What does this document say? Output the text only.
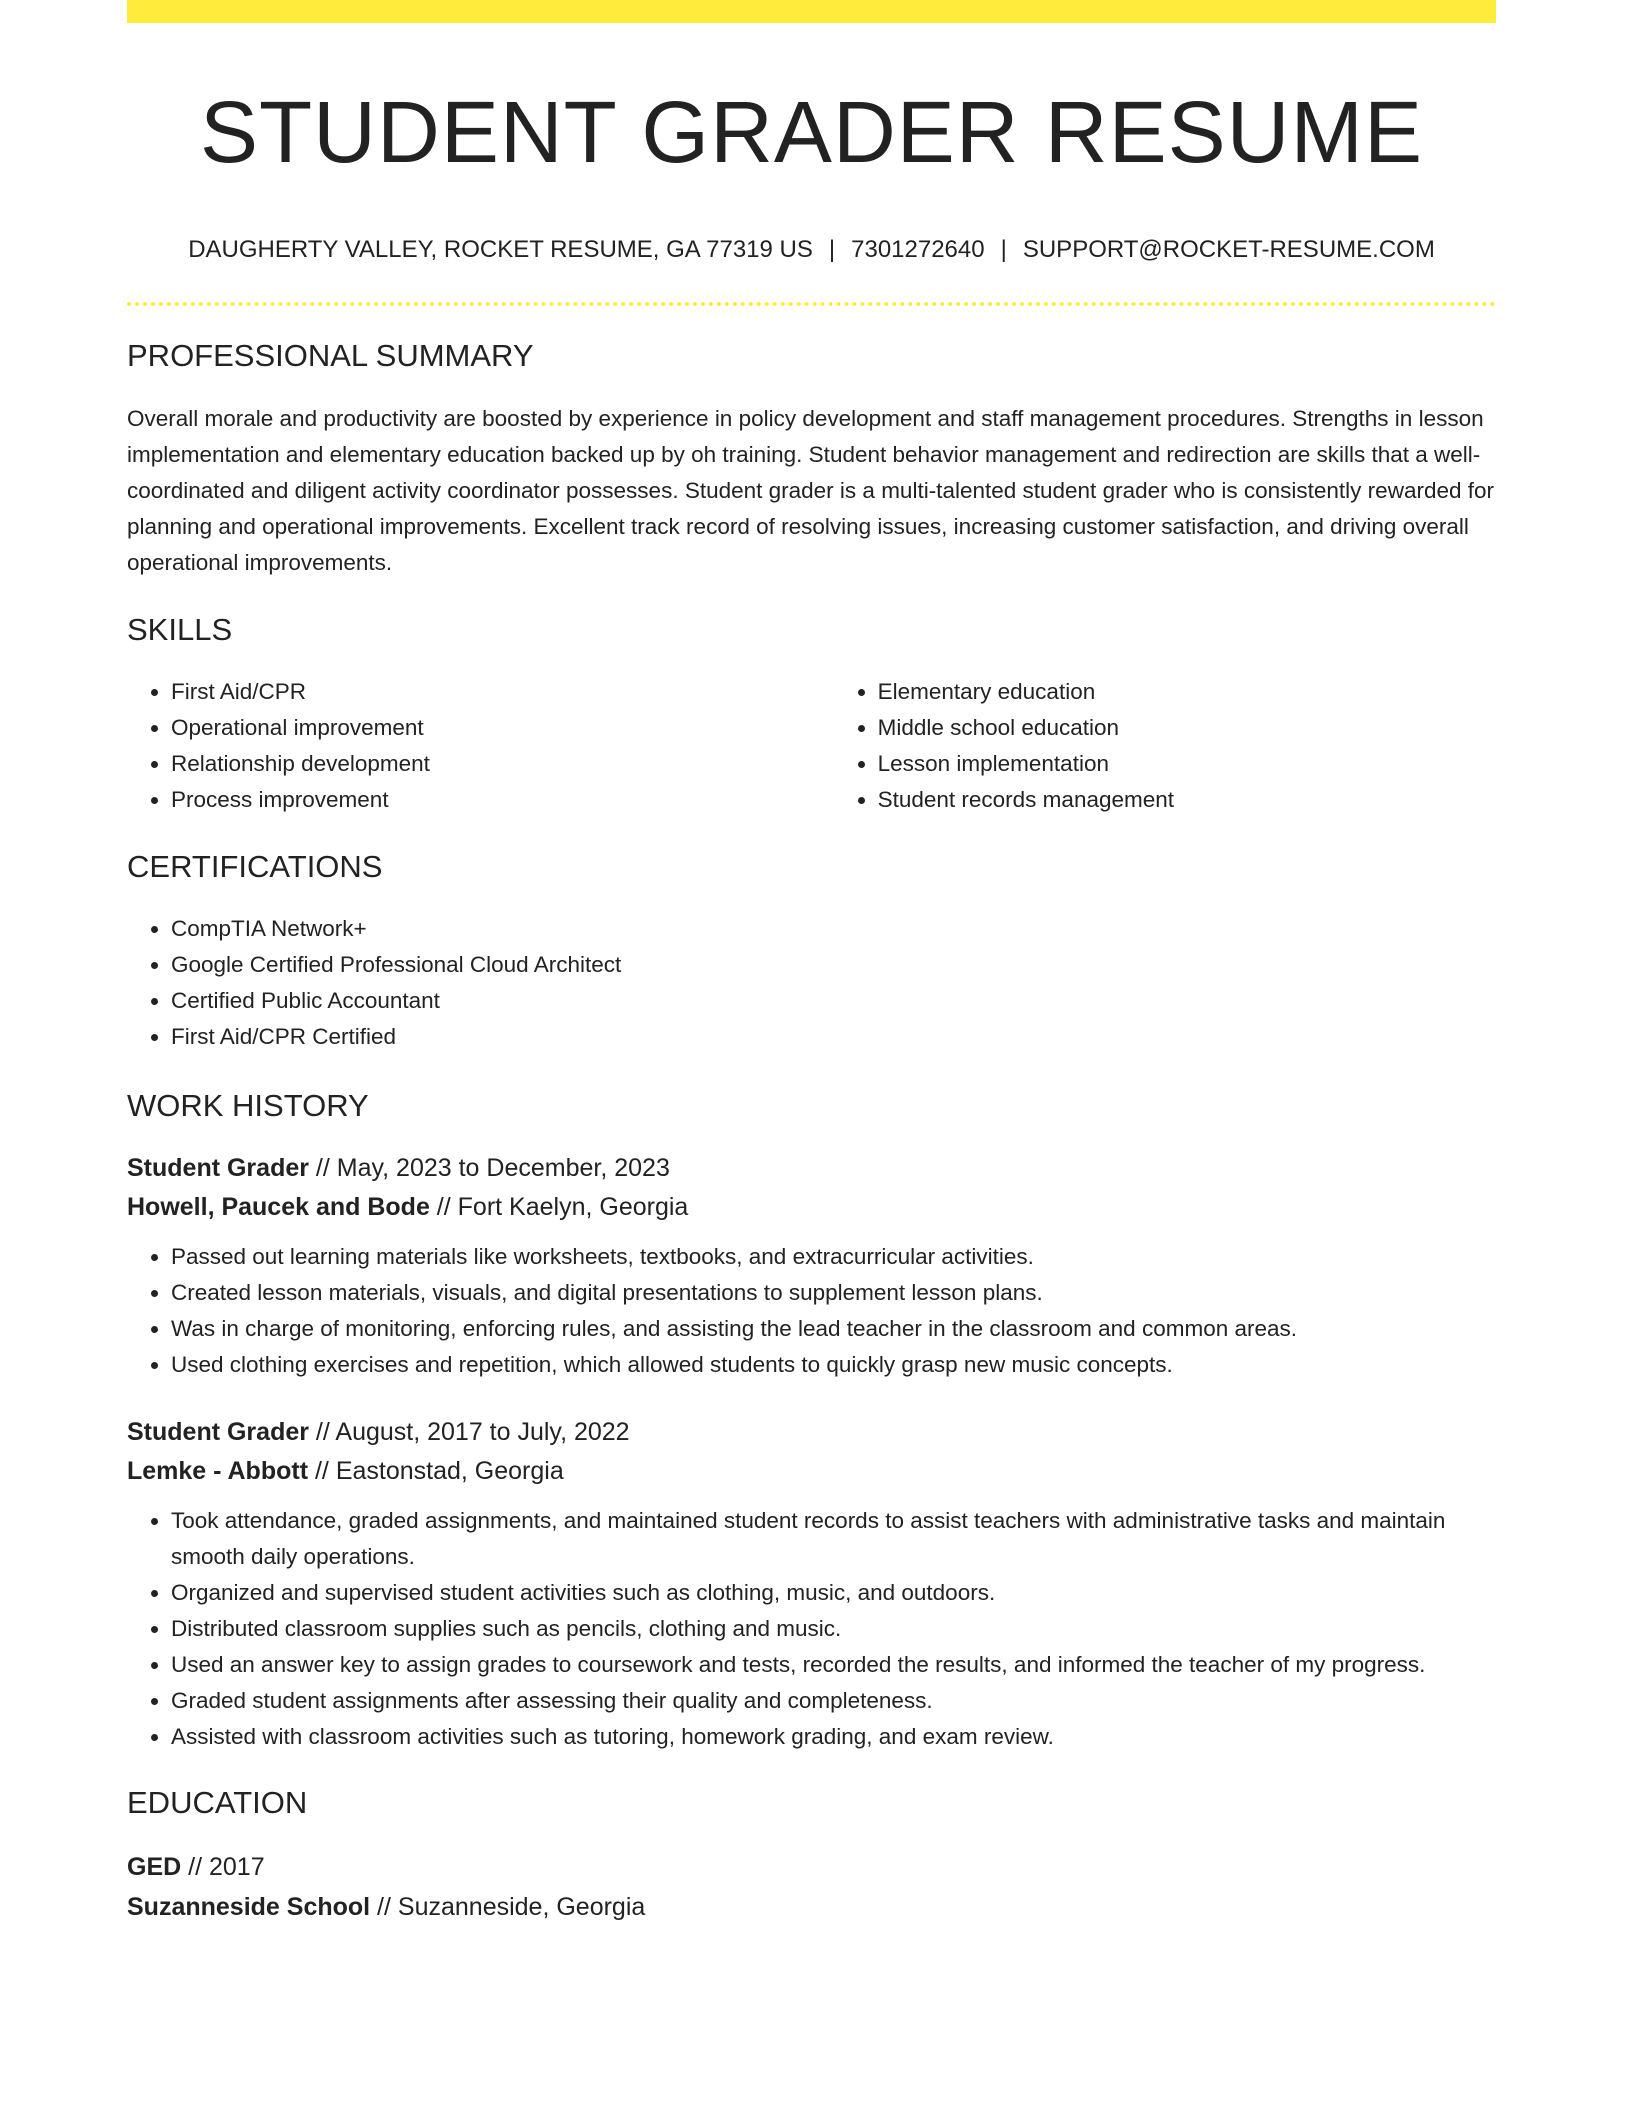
STUDENT GRADER RESUME
DAUGHERTY VALLEY, ROCKET RESUME, GA 77319 US | 7301272640 | SUPPORT@ROCKET-RESUME.COM
PROFESSIONAL SUMMARY

Overall morale and productivity are boosted by experience in policy development and staff management procedures. Strengths in lesson implementation and elementary education backed up by oh training. Student behavior management and redirection are skills that a well-coordinated and diligent activity coordinator possesses. Student grader is a multi-talented student grader who is consistently rewarded for planning and operational improvements. Excellent track record of resolving issues, increasing customer satisfaction, and driving overall operational improvements.

SKILLS
• First Aid/CPR
• Operational improvement
• Relationship development
• Process improvement
• Elementary education
• Middle school education
• Lesson implementation
• Student records management
CERTIFICATIONS
• CompTIA Network+
• Google Certified Professional Cloud Architect
• Certified Public Accountant
• First Aid/CPR Certified
WORK HISTORY
Student Grader // May, 2023 to December, 2023
Howell, Paucek and Bode // Fort Kaelyn, Georgia
• Passed out learning materials like worksheets, textbooks, and extracurricular activities.
• Created lesson materials, visuals, and digital presentations to supplement lesson plans.
• Was in charge of monitoring, enforcing rules, and assisting the lead teacher in the classroom and common areas.
• Used clothing exercises and repetition, which allowed students to quickly grasp new music concepts.
Student Grader // August, 2017 to July, 2022
Lemke - Abbott // Eastonstad, Georgia
• Took attendance, graded assignments, and maintained student records to assist teachers with administrative tasks and maintain smooth daily operations.
• Organized and supervised student activities such as clothing, music, and outdoors.
• Distributed classroom supplies such as pencils, clothing and music.
• Used an answer key to assign grades to coursework and tests, recorded the results, and informed the teacher of my progress.
• Graded student assignments after assessing their quality and completeness.
• Assisted with classroom activities such as tutoring, homework grading, and exam review.
EDUCATION
GED // 2017
Suzanneside School // Suzanneside, Georgia
